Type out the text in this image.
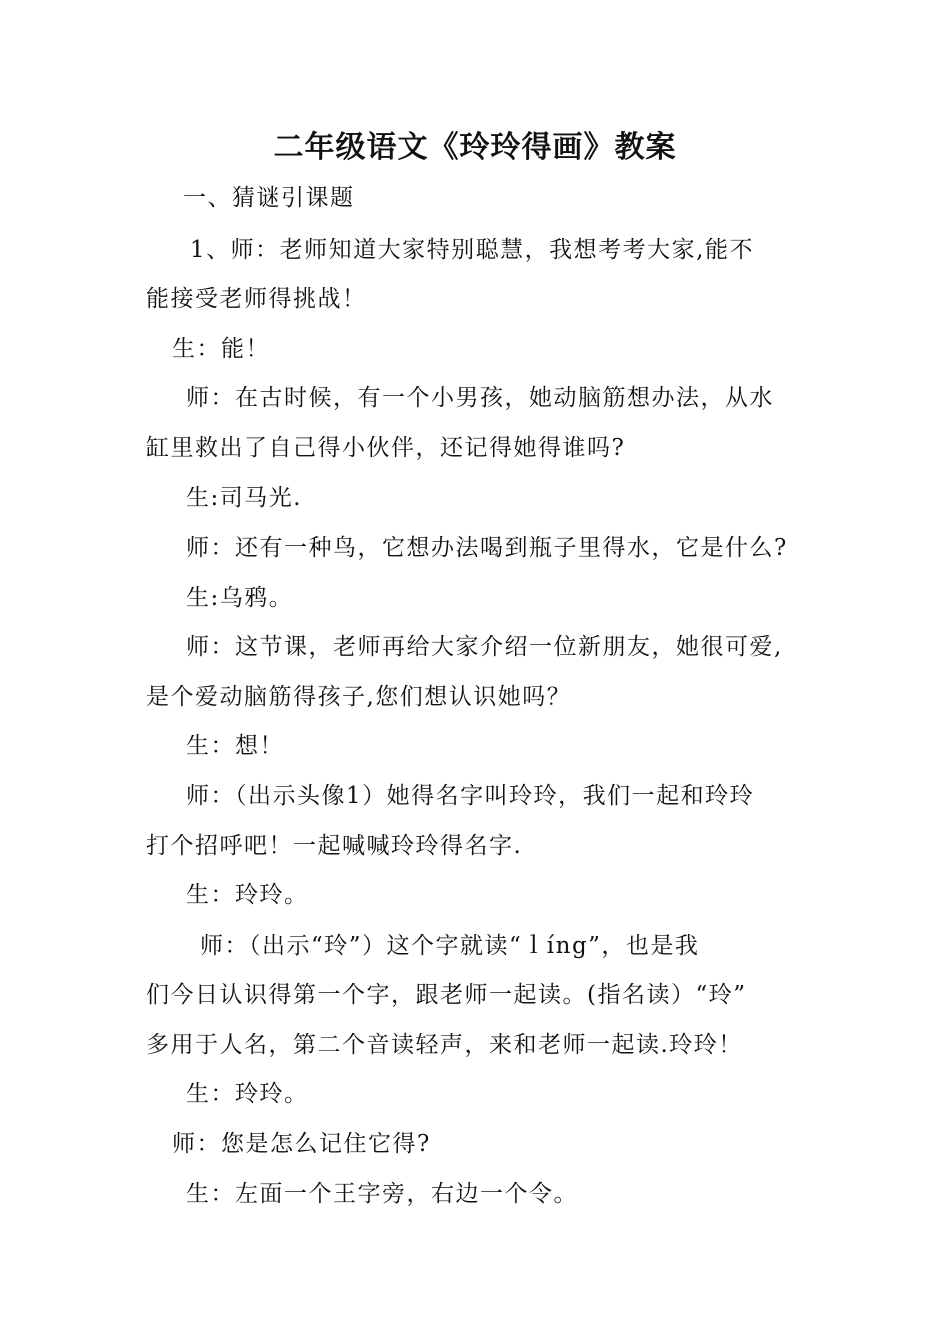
二年级语文《玲玲得画》教案
一、猜谜引课题
1、师：老师知道大家特别聪慧，我想考考大家,能不
能接受老师得挑战！
生：能！
师：在古时候，有一个小男孩，她动脑筋想办法，从水
缸里救出了自己得小伙伴，还记得她得谁吗?
生:司马光.
师：还有一种鸟，它想办法喝到瓶子里得水，它是什么?
生:乌鸦。
师：这节课，老师再给大家介绍一位新朋友，她很可爱,
是个爱动脑筋得孩子,您们想认识她吗？
生：想！
师：（出示头像1）她得名字叫玲玲，我们一起和玲玲
打个招呼吧！一起喊喊玲玲得名字.
生：玲玲。
师：（出示“玲”）这个字就读“ｌíng”，也是我
们今日认识得第一个字，跟老师一起读。(指名读）“玲”
多用于人名，第二个音读轻声，来和老师一起读.玲玲！
生：玲玲。
师：您是怎么记住它得?
生：左面一个王字旁，右边一个令。
